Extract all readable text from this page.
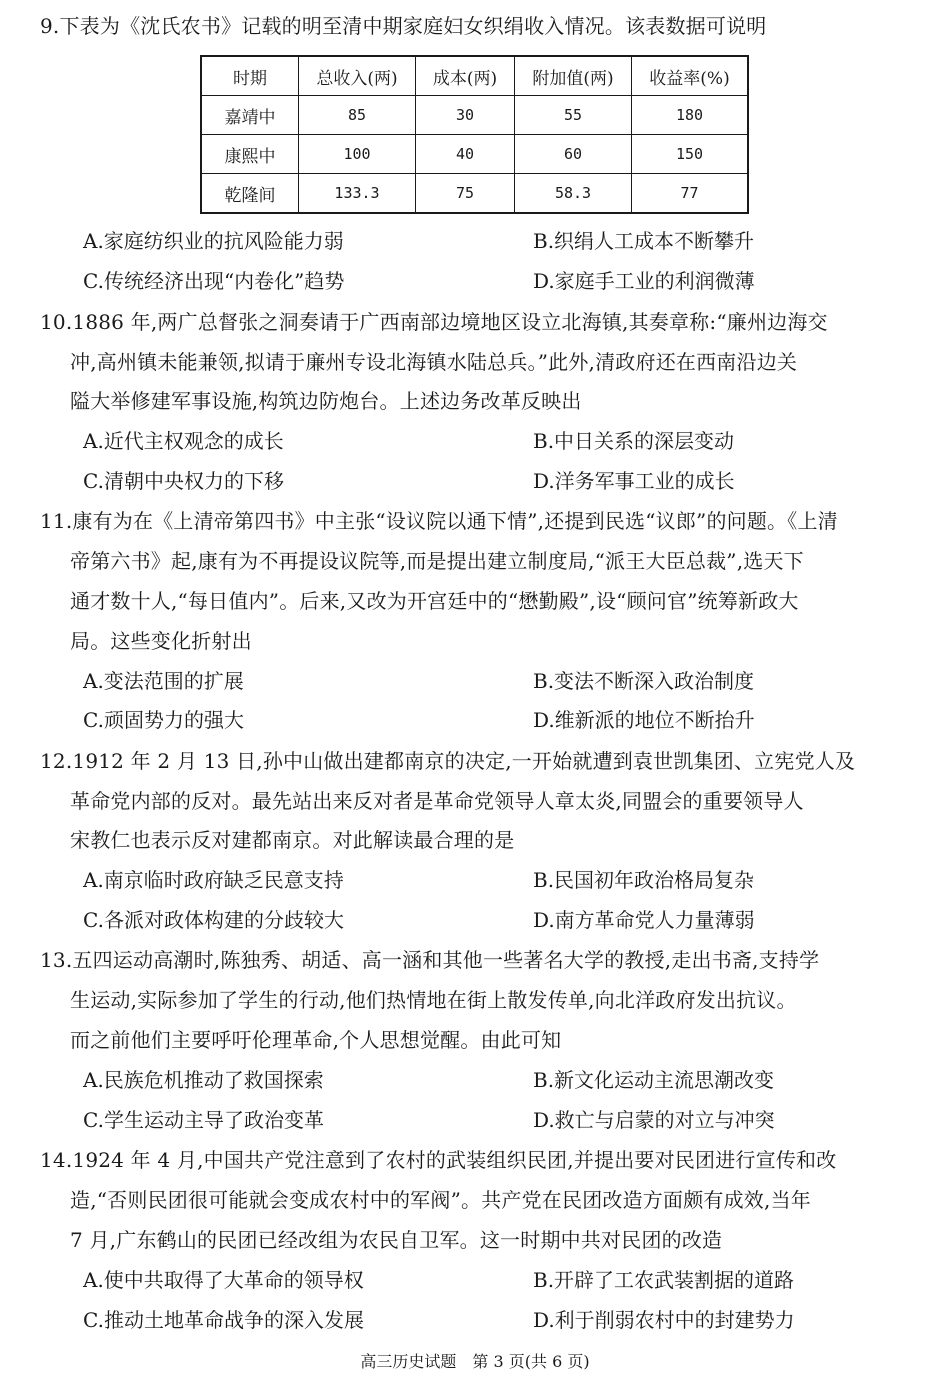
9.下表为《沈氏农书》记载的明至清中期家庭妇女织绢收入情况。该表数据可说明
时期	总收入(两)	成本(两)	附加值(两)	收益率(%)
嘉靖中	85	30	55	180
康熙中	100	40	60	150
乾隆间	133.3	75	58.3	77
A.家庭纺织业的抗风险能力弱	B.织绢人工成本不断攀升
C.传统经济出现“内卷化”趋势	D.家庭手工业的利润微薄
10.1886 年,两广总督张之洞奏请于广西南部边境地区设立北海镇,其奏章称:“廉州边海交
冲,高州镇未能兼领,拟请于廉州专设北海镇水陆总兵。”此外,清政府还在西南沿边关
隘大举修建军事设施,构筑边防炮台。上述边务改革反映出
A.近代主权观念的成长	B.中日关系的深层变动
C.清朝中央权力的下移	D.洋务军事工业的成长
11.康有为在《上清帝第四书》中主张“设议院以通下情”,还提到民选“议郎”的问题。《上清
帝第六书》起,康有为不再提设议院等,而是提出建立制度局,“派王大臣总裁”,选天下
通才数十人,“每日值内”。后来,又改为开宫廷中的“懋勤殿”,设“顾问官”统筹新政大
局。这些变化折射出
A.变法范围的扩展	B.变法不断深入政治制度
C.顽固势力的强大	D.维新派的地位不断抬升
12.1912 年 2 月 13 日,孙中山做出建都南京的决定,一开始就遭到袁世凯集团、立宪党人及
革命党内部的反对。最先站出来反对者是革命党领导人章太炎,同盟会的重要领导人
宋教仁也表示反对建都南京。对此解读最合理的是
A.南京临时政府缺乏民意支持	B.民国初年政治格局复杂
C.各派对政体构建的分歧较大	D.南方革命党人力量薄弱
13.五四运动高潮时,陈独秀、胡适、高一涵和其他一些著名大学的教授,走出书斋,支持学
生运动,实际参加了学生的行动,他们热情地在街上散发传单,向北洋政府发出抗议。
而之前他们主要呼吁伦理革命,个人思想觉醒。由此可知
A.民族危机推动了救国探索	B.新文化运动主流思潮改变
C.学生运动主导了政治变革	D.救亡与启蒙的对立与冲突
14.1924 年 4 月,中国共产党注意到了农村的武装组织民团,并提出要对民团进行宣传和改
造,“否则民团很可能就会变成农村中的军阀”。共产党在民团改造方面颇有成效,当年
7 月,广东鹤山的民团已经改组为农民自卫军。这一时期中共对民团的改造
A.使中共取得了大革命的领导权	B.开辟了工农武装割据的道路
C.推动土地革命战争的深入发展	D.利于削弱农村中的封建势力
高三历史试题　第 3 页(共 6 页)
